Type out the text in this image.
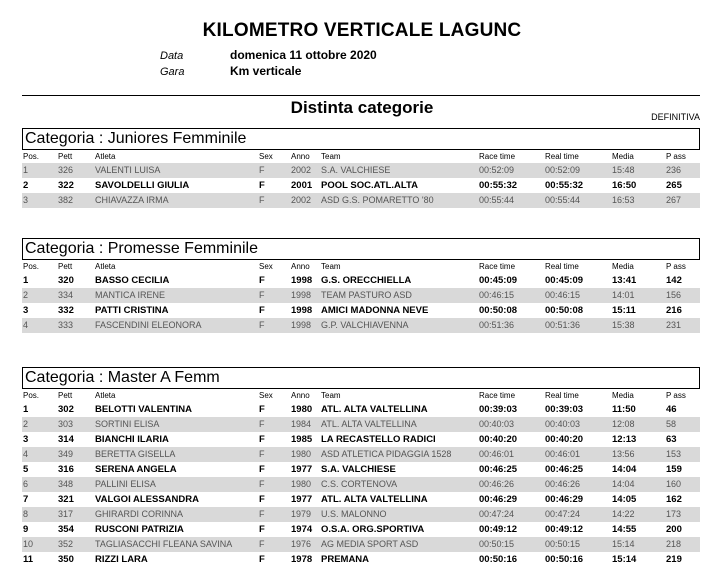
KILOMETRO VERTICALE LAGUNC
Data	domenica 11 ottobre 2020
Gara	Km verticale
Distinta categorie	DEFINITIVA
Categoria : Juniores Femminile
Pos. Pett	Atleta	Sex Anno Team	Race time	Real time	Media	P ass
1	326 VALENTI LUISA	F	2002 S.A. VALCHIESE	00:52:09	00:52:09	15:48	236
2	322 SAVOLDELLI GIULIA	F	2001 POOL SOC.ATL.ALTA	00:55:32	00:55:32	16:50	265
3	382 CHIAVAZZA IRMA	F	2002 ASD G.S. POMARETTO '80	00:55:44	00:55:44	16:53	267
Categoria : Promesse Femminile
Pos. Pett	Atleta	Sex Anno Team	Race time	Real time	Media	P ass
1	320 BASSO CECILIA	F	1998 G.S. ORECCHIELLA	00:45:09	00:45:09	13:41	142
2	334 MANTICA IRENE	F	1998 TEAM PASTURO ASD	00:46:15	00:46:15	14:01	156
3	332 PATTI CRISTINA	F	1998 AMICI MADONNA NEVE	00:50:08	00:50:08	15:11	216
4	333 FASCENDINI ELEONORA	F	1998 G.P. VALCHIAVENNA	00:51:36	00:51:36	15:38	231
Categoria : Master A Femm
Pos. Pett	Atleta	Sex Anno Team	Race time	Real time	Media	P ass
1	302 BELOTTI VALENTINA	F	1980 ATL. ALTA VALTELLINA	00:39:03	00:39:03	11:50	46
2	303 SORTINI ELISA	F	1984 ATL. ALTA VALTELLINA	00:40:03	00:40:03	12:08	58
3	314 BIANCHI ILARIA	F	1985 LA RECASTELLO RADICI	00:40:20	00:40:20	12:13	63
4	349 BERETTA GISELLA	F	1980 ASD ATLETICA PIDAGGIA 1528	00:46:01	00:46:01	13:56	153
5	316 SERENA ANGELA	F	1977 S.A. VALCHIESE	00:46:25	00:46:25	14:04	159
6	348 PALLINI ELISA	F	1980 C.S. CORTENOVA	00:46:26	00:46:26	14:04	160
7	321 VALGOI ALESSANDRA	F	1977 ATL. ALTA VALTELLINA	00:46:29	00:46:29	14:05	162
8	317 GHIRARDI CORINNA	F	1979 U.S. MALONNO	00:47:24	00:47:24	14:22	173
9	354 RUSCONI PATRIZIA	F	1974 O.S.A. ORG.SPORTIVA	00:49:12	00:49:12	14:55	200
10	352 TAGLIASACCHI FLEANA SAVINA	F	1976 AG MEDIA SPORT ASD	00:50:15	00:50:15	15:14	218
11	350 RIZZI LARA	F	1978 PREMANA	00:50:16	00:50:16	15:14	219
